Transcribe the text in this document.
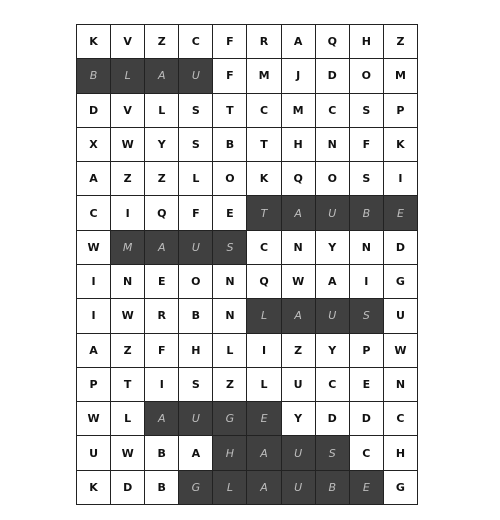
K	V	Z	C	F	R	A	Q	H	Z
B	L	A	U	F	M	J	D	O	M
D	V	L	S	T	C	M	C	S	P
X	W	Y	S	B	T	H	N	F	K
A	Z	Z	L	O	K	Q	O	S	I
C	I	Q	F	E	T	A	U	B	E
W	M	A	U	S	C	N	Y	N	D
I	N	E	O	N	Q	W	A	I	G
I	W	R	B	N	L	A	U	S	U
A	Z	F	H	L	I	Z	Y	P	W
P	T	I	S	Z	L	U	C	E	N
W	L	A	U	G	E	Y	D	D	C
U	W	B	A	H	A	U	S	C	H
K	D	B	G	L	A	U	B	E	G
